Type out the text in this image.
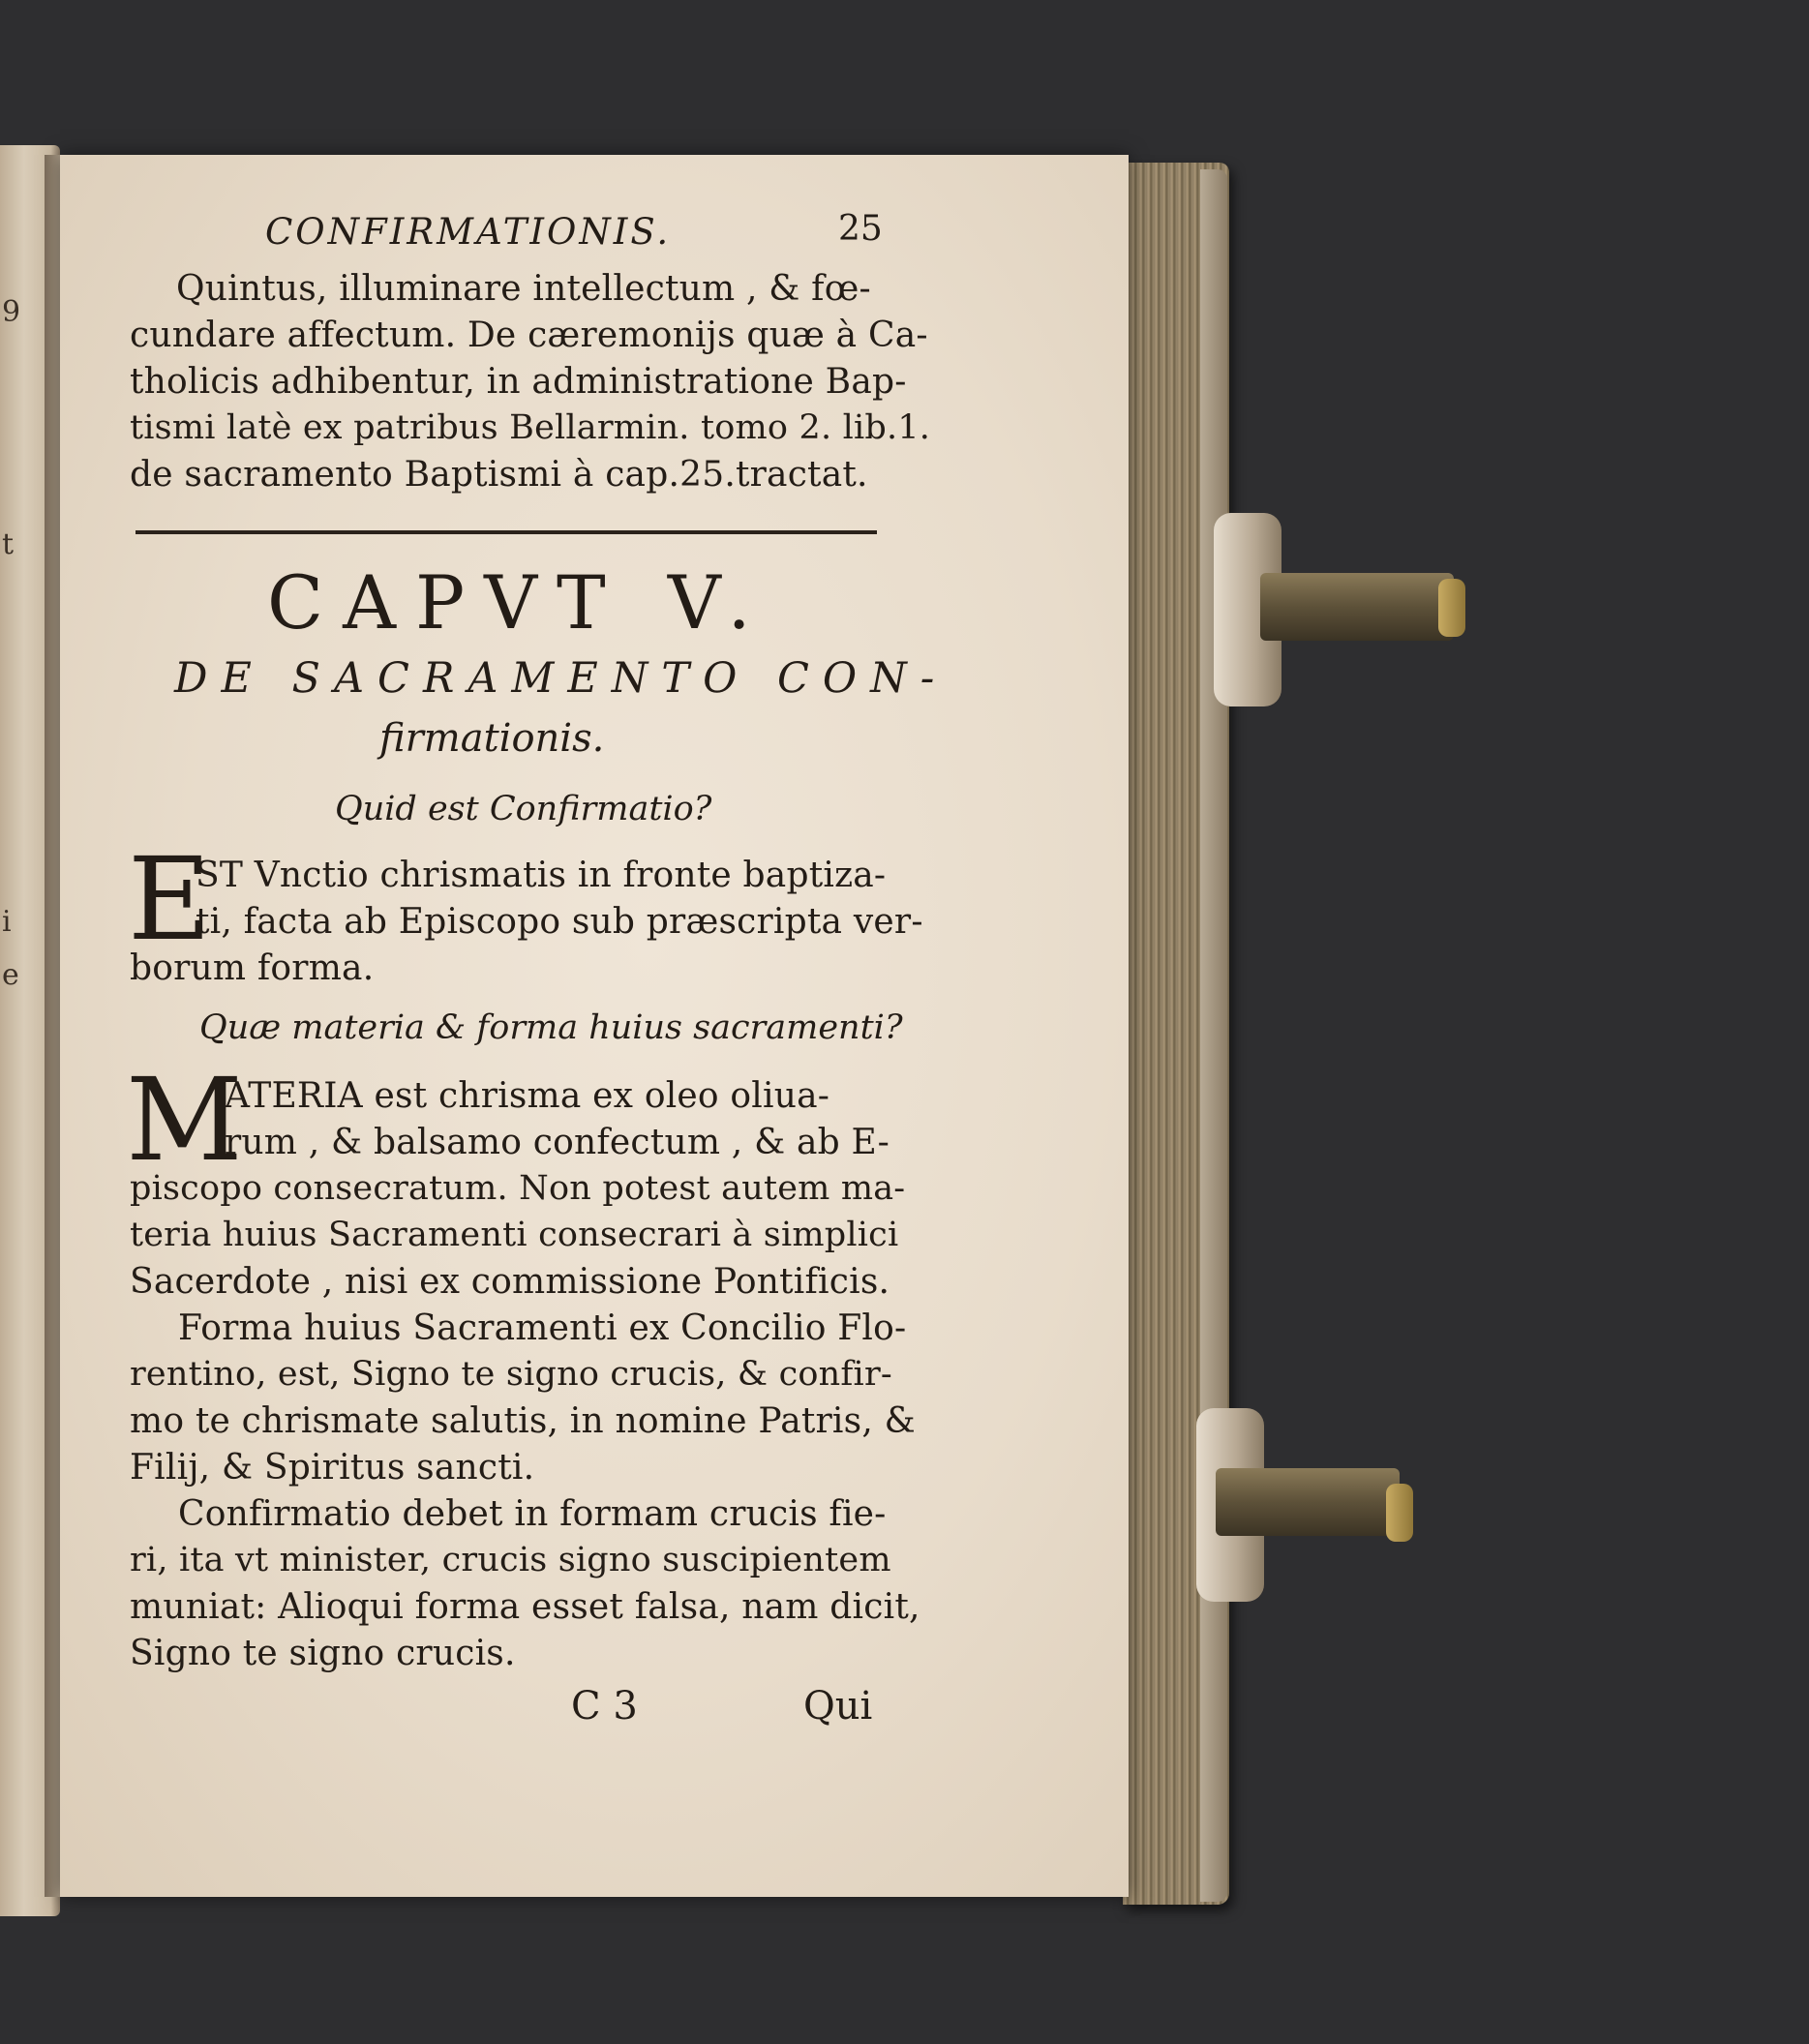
9
t
i
e
CONFIRMATIONIS.	25
Quintus, illuminare intellectum , & fœ-
cundare affectum. De cæremonijs quæ à Ca-
tholicis adhibentur, in administratione Bap-
tismi latè ex patribus Bellarmin. tomo 2. lib.1.
de sacramento Baptismi à cap.25.tractat.
CAPVT V.
DE SACRAMENTO CON-
firmationis.
Quid est Confirmatio?
E
ST Vnctio chrismatis in fronte baptiza-
ti, facta ab Episcopo sub præscripta ver-
borum forma.
Quæ materia & forma huius sacramenti?
M
ATERIA est chrisma ex oleo oliua-
rum , & balsamo confectum , & ab E-
piscopo consecratum. Non potest autem ma-
teria huius Sacramenti consecrari à simplici
Sacerdote , nisi ex commissione Pontificis.
Forma huius Sacramenti ex Concilio Flo-
rentino, est, Signo te signo crucis, & confir-
mo te chrismate salutis, in nomine Patris, &
Filij, & Spiritus sancti.
Confirmatio debet in formam crucis fie-
ri, ita vt minister, crucis signo suscipientem
muniat: Alioqui forma esset falsa, nam dicit,
Signo te signo crucis.
C 3	Qui
